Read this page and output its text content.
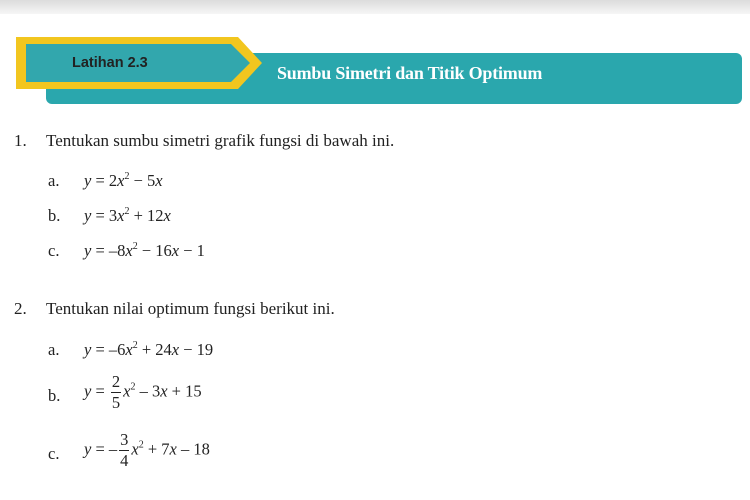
Sumbu Simetri dan Titik Optimum
Latihan 2.3
1. Tentukan sumbu simetri grafik fungsi di bawah ini.
a. $y = 2x^2 - 5x$
b. $y = 3x^2 + 12x$
c. $y = -8x^2 - 16x - 1$
2. Tentukan nilai optimum fungsi berikut ini.
a. $y = -6x^2 + 24x - 19$
b. $y = \frac{2}{5} x^2 - 3x + 15$
c. y = – $\frac{3}{4} x^2 + 7x - 18$
